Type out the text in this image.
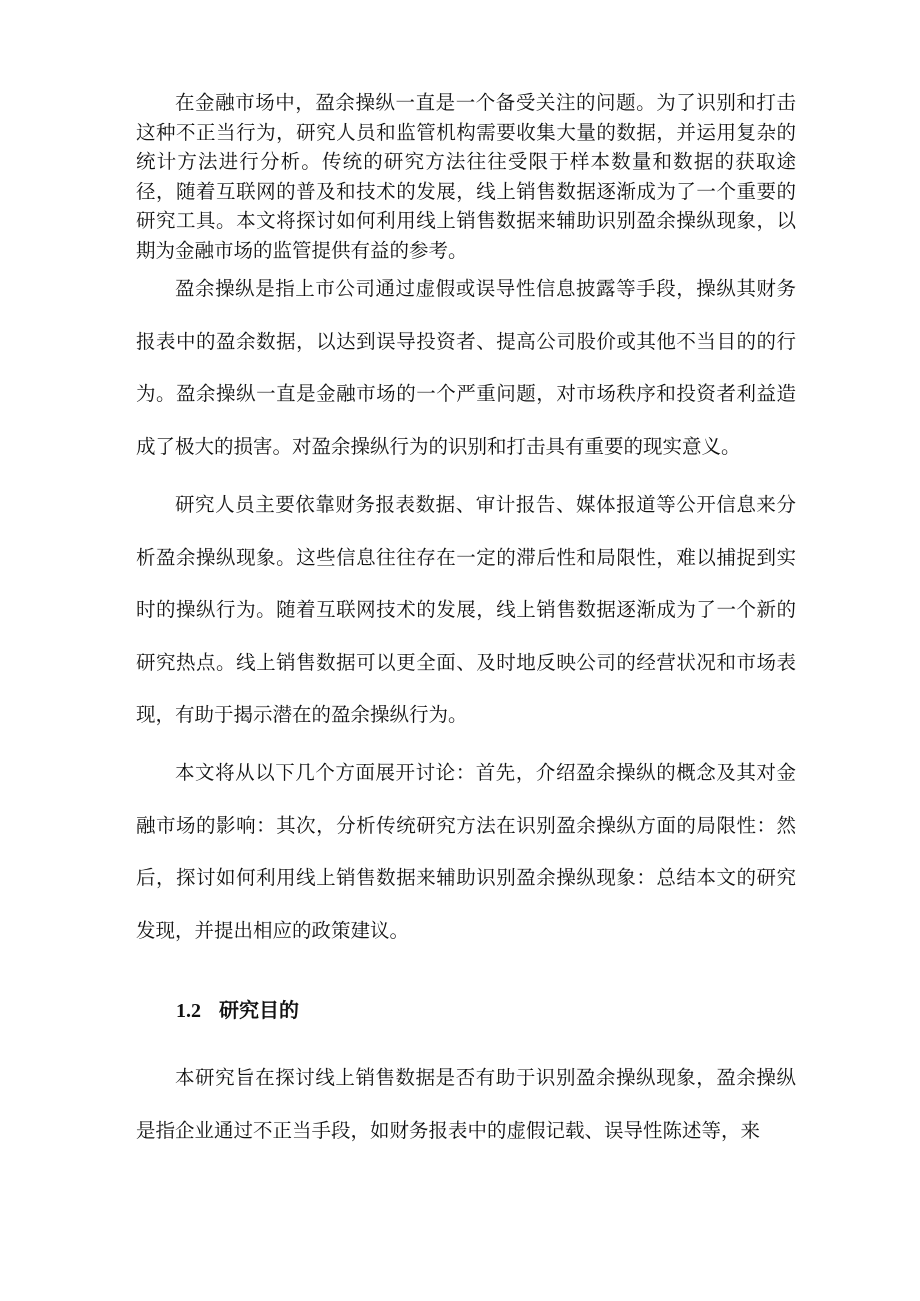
在金融市场中，盈余操纵一直是一个备受关注的问题。为了识别和打击这种不正当行为，研究人员和监管机构需要收集大量的数据，并运用复杂的统计方法进行分析。传统的研究方法往往受限于样本数量和数据的获取途径，随着互联网的普及和技术的发展，线上销售数据逐渐成为了一个重要的研究工具。本文将探讨如何利用线上销售数据来辅助识别盈余操纵现象，以期为金融市场的监管提供有益的参考。

盈余操纵是指上市公司通过虚假或误导性信息披露等手段，操纵其财务报表中的盈余数据，以达到误导投资者、提高公司股价或其他不当目的的行为。盈余操纵一直是金融市场的一个严重问题，对市场秩序和投资者利益造成了极大的损害。对盈余操纵行为的识别和打击具有重要的现实意义。

研究人员主要依靠财务报表数据、审计报告、媒体报道等公开信息来分析盈余操纵现象。这些信息往往存在一定的滞后性和局限性，难以捕捉到实时的操纵行为。随着互联网技术的发展，线上销售数据逐渐成为了一个新的研究热点。线上销售数据可以更全面、及时地反映公司的经营状况和市场表现，有助于揭示潜在的盈余操纵行为。

本文将从以下几个方面展开讨论：首先，介绍盈余操纵的概念及其对金融市场的影响：其次，分析传统研究方法在识别盈余操纵方面的局限性：然后，探讨如何利用线上销售数据来辅助识别盈余操纵现象：总结本文的研究发现，并提出相应的政策建议。

1.2 研究目的

本研究旨在探讨线上销售数据是否有助于识别盈余操纵现象，盈余操纵是指企业通过不正当手段，如财务报表中的虚假记载、误导性陈述等，来
